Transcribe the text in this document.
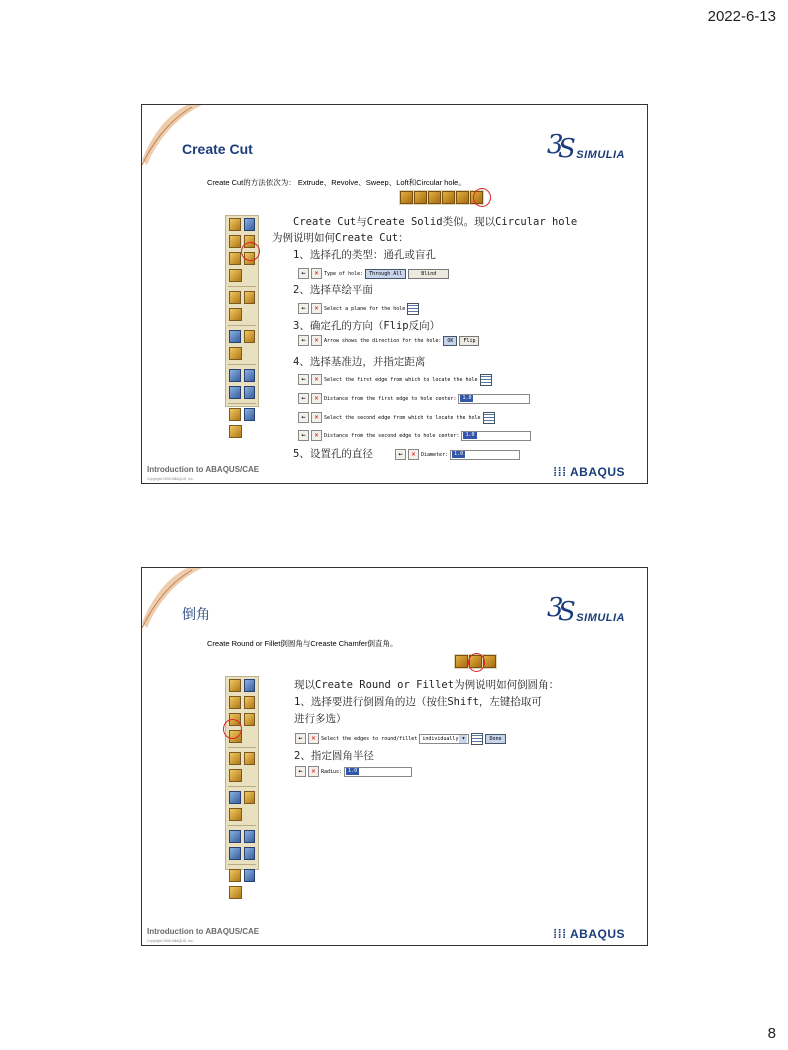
2022-6-13
Create Cut	3
S SIMULIA
Create Cut的方法依次为： Extrude、Revolve、Sweep、Loft和Circular hole。
Create Cut与Create Solid类似。现以Circular hole
为例说明如何Create Cut：
1、选择孔的类型：通孔或盲孔
←	✕	Type of hole:	Through All	Blind
2、选择草绘平面
←	✕	Select a plane for the hole
3、确定孔的方向（Flip反向）
←	✕	Arrow shows the direction for the hole:	OK	Flip
4、选择基准边，并指定距离
←	✕	Select the first edge from which to locate the hole
←	✕	Distance from the first edge to hole center:	1.0
←	✕	Select the second edge from which to locate the hole
←	✕	Distance from the second edge to hole center:	1.0
5、设置孔的直径	←	✕	Diameter:	1.0
Introduction to ABAQUS/CAE
Copyright 2006 ABAQUS, Inc.	⁞⁞⁞ ABAQUS
倒角	3
S SIMULIA
Create Round or Fillet倒圆角与Creaste Chamfer倒直角。
现以Create Round or Fillet为例说明如何倒圆角：
1、选择要进行倒圆角的边（按住Shift，左键拾取可
进行多选）
←	✕	Select the edges to round/fillet	individually ▾	Done
2、指定圆角半径
←	✕	Radius:	1.0
Introduction to ABAQUS/CAE
Copyright 2006 ABAQUS, Inc.	⁞⁞⁞ ABAQUS
8
